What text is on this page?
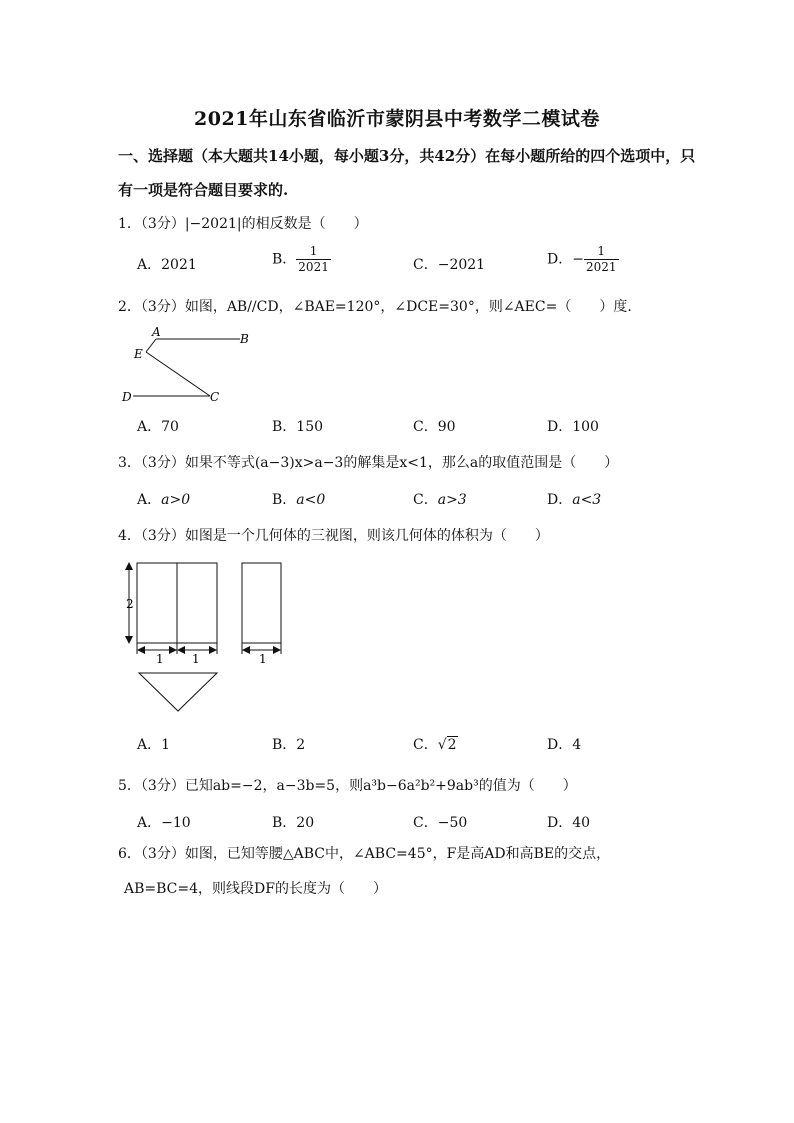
2021年山东省临沂市蒙阴县中考数学二模试卷
一、选择题（本大题共14小题，每小题3分，共42分）在每小题所给的四个选项中，只
有一项是符合题目要求的.
1．（3分）|−2021|的相反数是（　　）
A．2021	B． $\frac{1}{2021}$	C．−2021	D．− $\frac{1}{2021}$
2．（3分）如图，AB//CD，∠BAE=120°，∠DCE=30°，则∠AEC=（　　）度.
A	B
E
D	C
A．70	B．150	C．90	D．100
3．（3分）如果不等式(a−3)x>a−3的解集是x<1，那么a的取值范围是（　　）
A．a>0	B．a<0	C．a>3	D．a<3
4．（3分）如图是一个几何体的三视图，则该几何体的体积为（　　）
2
1 1	1
A．1	B．2	C．√2	D．4
5．（3分）已知ab=−2，a−3b=5，则a³b−6a²b²+9ab³的值为（　　）
A．−10	B．20	C．−50	D．40
6．（3分）如图，已知等腰△ABC中，∠ABC=45°，F是高AD和高BE的交点，
AB=BC=4，则线段DF的长度为（　　）
